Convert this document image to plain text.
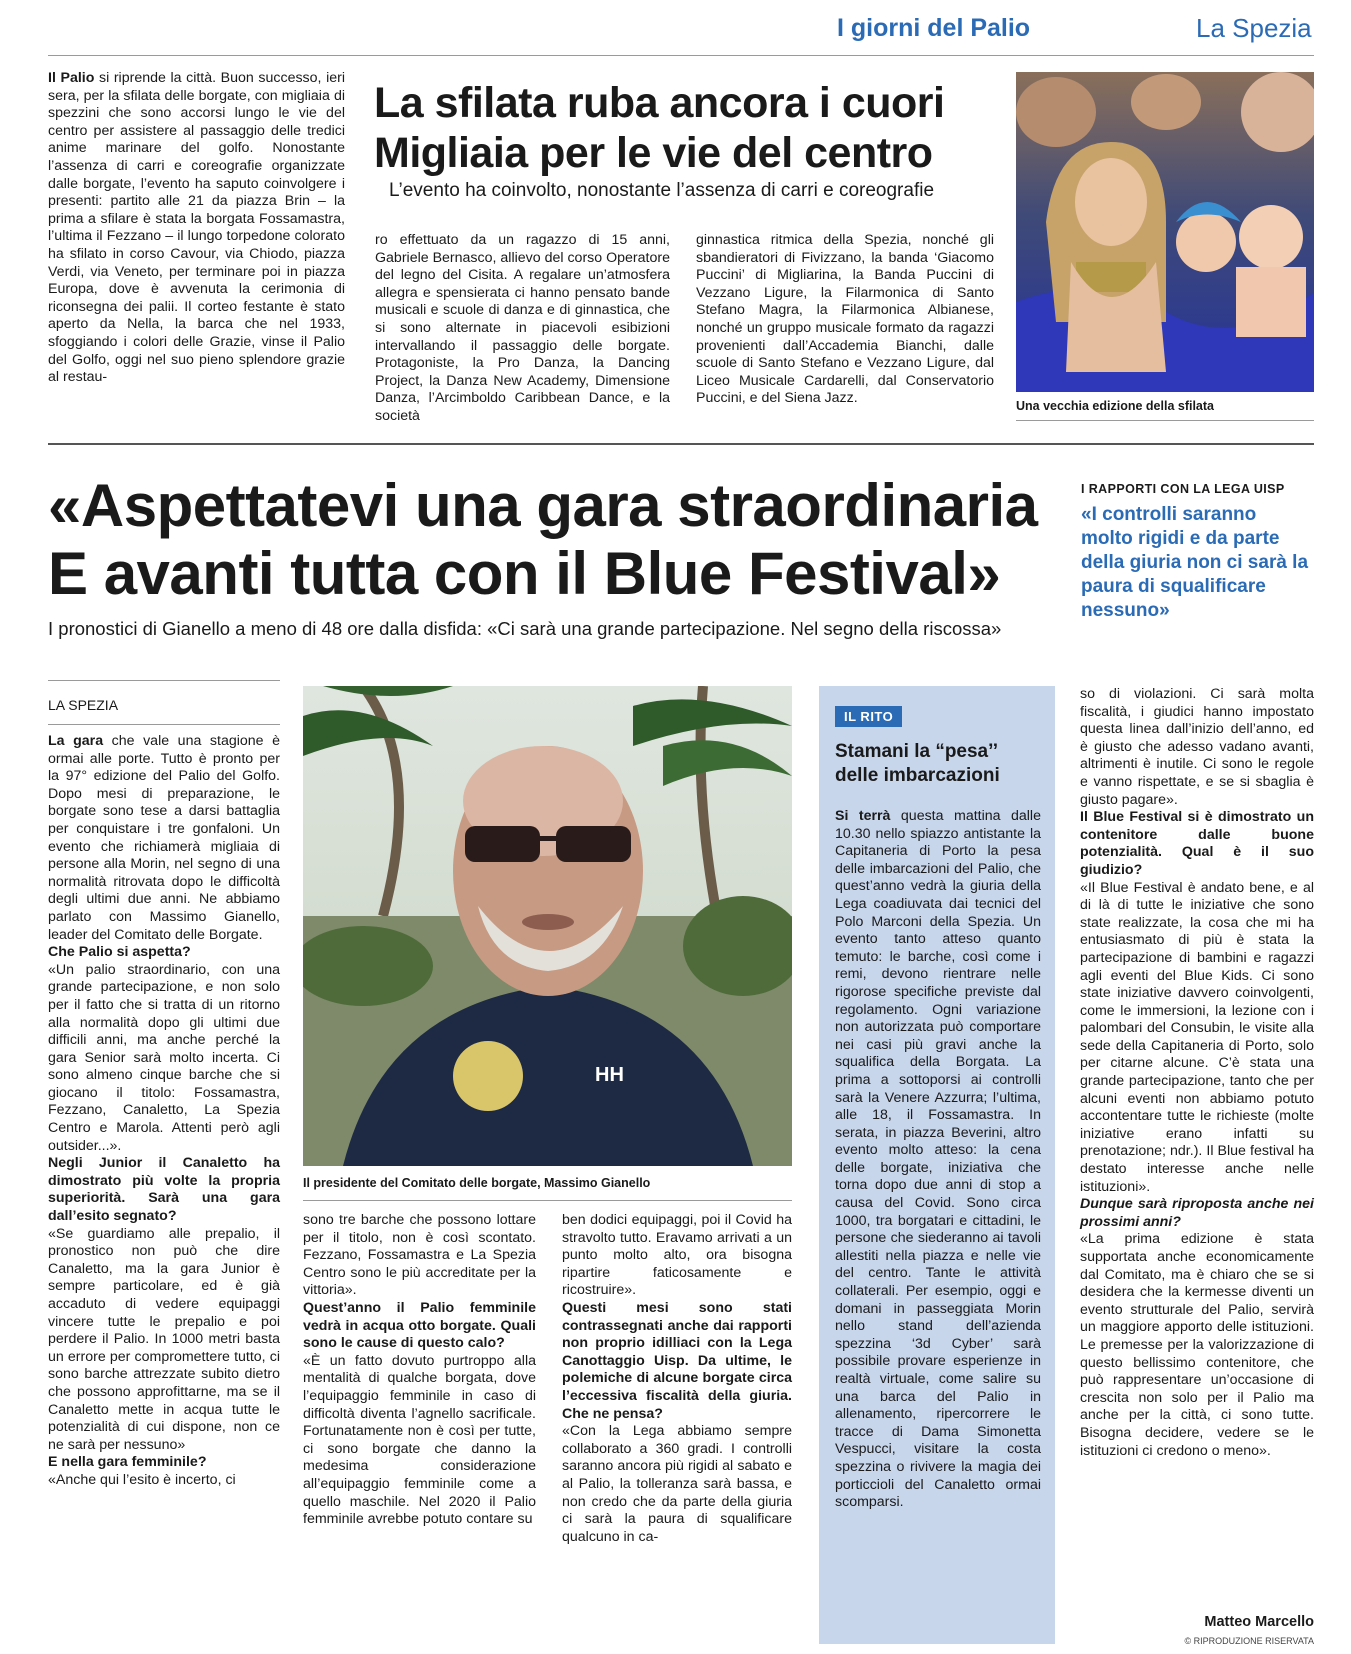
I giorni del Palio	La Spezia

Il Palio si riprende la città. Buon successo, ieri sera, per la sfilata delle borgate, con migliaia di spezzini che sono accorsi lungo le vie del centro per assistere al passaggio delle tredici anime marinare del golfo. Nonostante l’assenza di carri e coreografie organizzate dalle borgate, l’evento ha saputo coinvolgere i presenti: partito alle 21 da piazza Brin – la prima a sfilare è stata la borgata Fossamastra, l’ultima il Fezzano – il lungo torpedone colorato ha sfilato in corso Cavour, via Chiodo, piazza Verdi, via Veneto, per terminare poi in piazza Europa, dove è avvenuta la cerimonia di riconsegna dei palii. Il corteo festante è stato aperto da Nella, la barca che nel 1933, sfoggiando i colori delle Grazie, vinse il Palio del Golfo, oggi nel suo pieno splendore grazie al restau-

La sfilata ruba ancora i cuori
Migliaia per le vie del centro
L’evento ha coinvolto, nonostante l’assenza di carri e coreografie

ro effettuato da un ragazzo di 15 anni, Gabriele Bernasco, allievo del corso Operatore del legno del Cisita. A regalare un’atmosfera allegra e spensierata ci hanno pensato bande musicali e scuole di danza e di ginnastica, che si sono alternate in piacevoli esibizioni intervallando il passaggio delle borgate. Protagoniste, la Pro Danza, la Dancing Project, la Danza New Academy, Dimensione Danza, l’Arcimboldo Caribbean Dance, e la società

ginnastica ritmica della Spezia, nonché gli sbandieratori di Fivizzano, la banda ‘Giacomo Puccini’ di Migliarina, la Banda Puccini di Vezzano Ligure, la Filarmonica di Santo Stefano Magra, la Filarmonica Albianese, nonché un gruppo musicale formato da ragazzi provenienti dall’Accademia Bianchi, dalle scuole di Santo Stefano e Vezzano Ligure, dal Liceo Musicale Cardarelli, dal Conservatorio Puccini, e del Siena Jazz.	Una vecchia edizione della sfilata
«Aspettatevi una gara straordinaria
E avanti tutta con il Blue Festival»
I pronostici di Gianello a meno di 48 ore dalla disfida: «Ci sarà una grande partecipazione. Nel segno della riscossa»
I RAPPORTI CON LA LEGA UISP
«I controlli saranno molto rigidi e da parte della giuria non ci sarà la paura di squalificare nessuno»
LA SPEZIA

La gara che vale una stagione è ormai alle porte. Tutto è pronto per la 97° edizione del Palio del Golfo. Dopo mesi di preparazione, le borgate sono tese a darsi battaglia per conquistare i tre gonfaloni. Un evento che richiamerà migliaia di persone alla Morin, nel segno di una normalità ritrovata dopo le difficoltà degli ultimi due anni. Ne abbiamo parlato con Massimo Gianello, leader del Comitato delle Borgate.

Che Palio si aspetta?

«Un palio straordinario, con una grande partecipazione, e non solo per il fatto che si tratta di un ritorno alla normalità dopo gli ultimi due difficili anni, ma anche perché la gara Senior sarà molto incerta. Ci sono almeno cinque barche che si giocano il titolo: Fossamastra, Fezzano, Canaletto, La Spezia Centro e Marola. Attenti però agli outsider...».

Negli Junior il Canaletto ha dimostrato più volte la propria superiorità. Sarà una gara dall’esito segnato?

«Se guardiamo alle prepalio, il pronostico non può che dire Canaletto, ma la gara Junior è sempre particolare, ed è già accaduto di vedere equipaggi vincere tutte le prepalio e poi perdere il Palio. In 1000 metri basta un errore per compromettere tutto, ci sono barche attrezzate subito dietro che possono approfittarne, ma se il Canaletto mette in acqua tutte le potenzialità di cui dispone, non ce ne sarà per nessuno»

E nella gara femminile?

«Anche qui l’esito è incerto, ci

HH
Il presidente del Comitato delle borgate, Massimo Gianello

sono tre barche che possono lottare per il titolo, non è così scontato. Fezzano, Fossamastra e La Spezia Centro sono le più accreditate per la vittoria».

Quest’anno il Palio femminile vedrà in acqua otto borgate. Quali sono le cause di questo calo?

«È un fatto dovuto purtroppo alla mentalità di qualche borgata, dove l’equipaggio femminile in caso di difficoltà diventa l’agnello sacrificale. Fortunatamente non è così per tutte, ci sono borgate che danno la medesima considerazione all’equipaggio femminile come a quello maschile. Nel 2020 il Palio femminile avrebbe potuto contare su

ben dodici equipaggi, poi il Covid ha stravolto tutto. Eravamo arrivati a un punto molto alto, ora bisogna ripartire faticosamente e ricostruire».

Questi mesi sono stati contrassegnati anche dai rapporti non proprio idilliaci con la Lega Canottaggio Uisp. Da ultime, le polemiche di alcune borgate circa l’eccessiva fiscalità della giuria. Che ne pensa?

«Con la Lega abbiamo sempre collaborato a 360 gradi. I controlli saranno ancora più rigidi al sabato e al Palio, la tolleranza sarà bassa, e non credo che da parte della giuria ci sarà la paura di squalificare qualcuno in ca-

IL RITO
Stamani la “pesa’’
delle imbarcazioni

Si terrà questa mattina dalle 10.30 nello spiazzo antistante la Capitaneria di Porto la pesa delle imbarcazioni del Palio, che quest’anno vedrà la giuria della Lega coadiuvata dai tecnici del Polo Marconi della Spezia. Un evento tanto atteso quanto temuto: le barche, così come i remi, devono rientrare nelle rigorose specifiche previste dal regolamento. Ogni variazione non autorizzata può comportare nei casi più gravi anche la squalifica della Borgata. La prima a sottoporsi ai controlli sarà la Venere Azzurra; l’ultima, alle 18, il Fossamastra. In serata, in piazza Beverini, altro evento molto atteso: la cena delle borgate, iniziativa che torna dopo due anni di stop a causa del Covid. Sono circa 1000, tra borgatari e cittadini, le persone che siederanno ai tavoli allestiti nella piazza e nelle vie del centro. Tante le attività collaterali. Per esempio, oggi e domani in passeggiata Morin nello stand dell’azienda spezzina ‘3d Cyber’ sarà possibile provare esperienze in realtà virtuale, come salire su una barca del Palio in allenamento, ripercorrere le tracce di Dama Simonetta Vespucci, visitare la costa spezzina o rivivere la magia dei porticcioli del Canaletto ormai scomparsi.

so di violazioni. Ci sarà molta fiscalità, i giudici hanno impostato questa linea dall’inizio dell’anno, ed è giusto che adesso vadano avanti, altrimenti è inutile. Ci sono le regole e vanno rispettate, e se si sbaglia è giusto pagare».

Il Blue Festival si è dimostrato un contenitore dalle buone potenzialità. Qual è il suo giudizio?

«Il Blue Festival è andato bene, e al di là di tutte le iniziative che sono state realizzate, la cosa che mi ha entusiasmato di più è stata la partecipazione di bambini e ragazzi agli eventi del Blue Kids. Ci sono state iniziative davvero coinvolgenti, come le immersioni, la lezione con i palombari del Consubin, le visite alla sede della Capitaneria di Porto, solo per citarne alcune. C’è stata una grande partecipazione, tanto che per alcuni eventi non abbiamo potuto accontentare tutte le richieste (molte iniziative erano infatti su prenotazione; ndr.). Il Blue festival ha destato interesse anche nelle istituzioni».

Dunque sarà riproposta anche nei prossimi anni?

«La prima edizione è stata supportata anche economicamente dal Comitato, ma è chiaro che se si desidera che la kermesse diventi un evento strutturale del Palio, servirà un maggiore apporto delle istituzioni. Le premesse per la valorizzazione di questo bellissimo contenitore, che può rappresentare un’occasione di crescita non solo per il Palio ma anche per la città, ci sono tutte. Bisogna decidere, vedere se le istituzioni ci credono o meno».

Matteo Marcello
© RIPRODUZIONE RISERVATA
